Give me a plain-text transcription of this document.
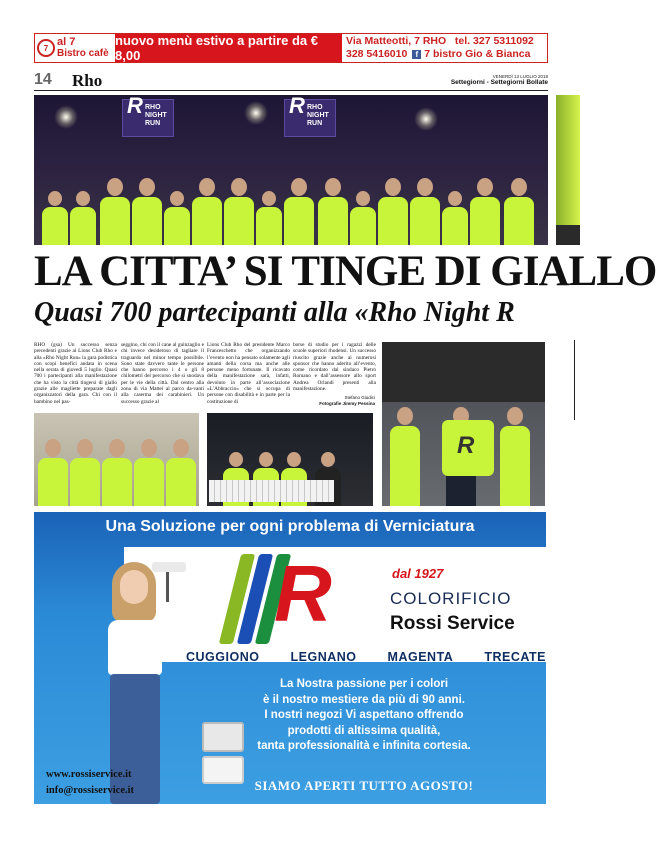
7 al 7
Bistro cafè
nuovo menù estivo a partire da € 8,00
Via Matteotti, 7 RHO tel. 327 5311092
328 5416010	f 7 bistro Gio & Bianca
14 Rho	VENERDÌ 13 LUGLIO 2018
Settegiorni - Settegiorni Bollate
R RHO NIGHT RUN
R RHO NIGHT RUN
LA CITTA’ SI TINGE DI GIALLO
Quasi 700 partecipanti alla «Rho Night R
RHO (gsa) Un successo senza precedenti grazie al Lions Club Rho e alla «Rho Night Run» la gara podistica con scopi benefici andata in scena nella serata di giovedì 5 luglio. Quasi 700 i partecipanti alla manifestazione che ha visto la città tingersi di giallo grazie alle magliette preparate dagli organizzatori della gara. Chi con il bambino nel pas-
seggino, chi con il cane al guinzaglio e chi invece desideroso di tagliare il traguardo nel minor tempo possibile. Sono state davvero tante le persone che hanno percorso i 4 o gli 8 chilometri del percorso che si snodava per le vie della città. Dal centro alla zona di via Mattei al parco da-vanti alla caserma dei carabinieri. Un successo grazie al
Lions Club Rho del presidente Marco Franceschetto che organizzando l’evento non ha pensato solamente agli amanti della corsa ma anche alle persone meno fortunate. Il ricavato della manifestazione sarà, infatti, devoluto in parte all’associazione «L’Abbraccio» che si occupa di persone con disabilità e in parte per la costituzione di
borse di studio per i ragazzi delle scuole superiori rhodensi. Un successo riuscito grazie anche ai numerosi sponsor che hanno aderito all’evento, come ricordato dal sindaco Pietro Romano e dall’assessore allo sport Andrea Orlandi presenti alla manifestazione.
Stefano Giudici
Fotografie Jimmy Pessina
R
Una Soluzione per ogni problema di Verniciatura
R	dal 1927
COLORIFICIO
Rossi Service
CUGGIONO LEGNANO MAGENTA TRECATE
La Nostra passione per i colori
è il nostro mestiere da più di 90 anni.
I nostri negozi Vi aspettano offrendo
prodotti di altissima qualità,
tanta professionalità e infinita cortesia.
SIAMO APERTI TUTTO AGOSTO!
www.rossiservice.it
info@rossiservice.it
